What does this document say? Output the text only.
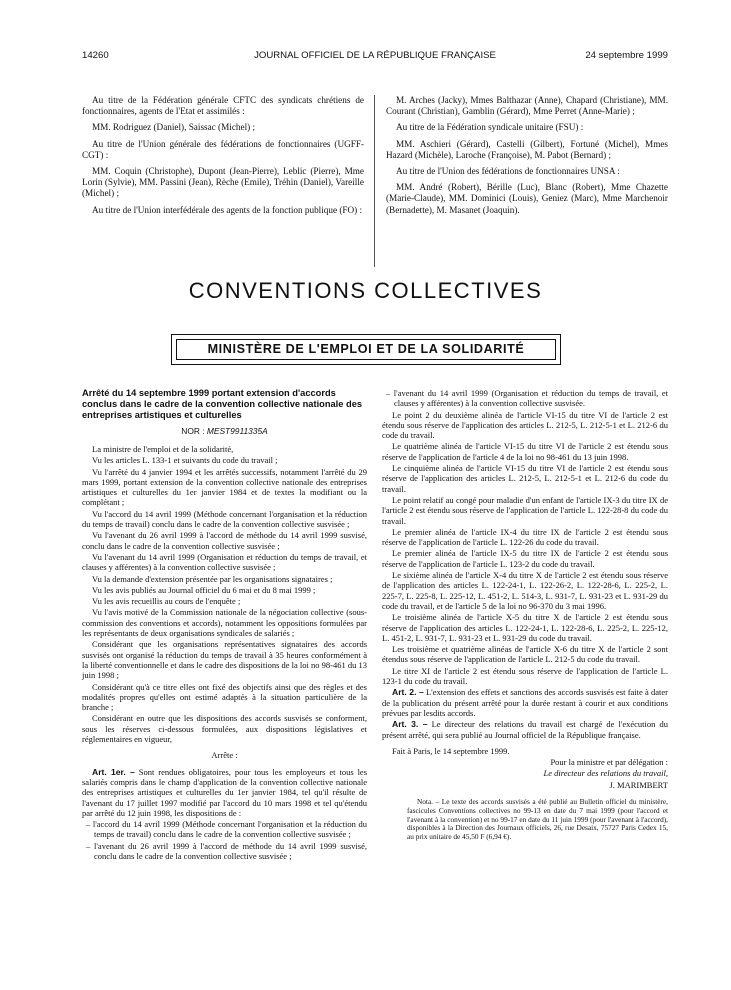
14260	JOURNAL OFFICIEL DE LA RÉPUBLIQUE FRANÇAISE	24 septembre 1999

Au titre de la Fédération générale CFTC des syndicats chrétiens de fonctionnaires, agents de l'Etat et assimilés :

MM. Rodriguez (Daniel), Saissac (Michel) ;

Au titre de l'Union générale des fédérations de fonctionnaires (UGFF-CGT) :

MM. Coquin (Christophe), Dupont (Jean-Pierre), Leblic (Pierre), Mme Lorin (Sylvie), MM. Passini (Jean), Rèche (Emile), Tréhin (Daniel), Vareille (Michel) ;

Au titre de l'Union interfédérale des agents de la fonction publique (FO) :

M. Arches (Jacky), Mmes Balthazar (Anne), Chapard (Christiane), MM. Courant (Christian), Gamblin (Gérard), Mme Perret (Anne-Marie) ;

Au titre de la Fédération syndicale unitaire (FSU) :

MM. Aschieri (Gérard), Castelli (Gilbert), Fortuné (Michel), Mmes Hazard (Michèle), Laroche (Françoise), M. Pabot (Bernard) ;

Au titre de l'Union des fédérations de fonctionnaires UNSA :

MM. André (Robert), Bérille (Luc), Blanc (Robert), Mme Chazette (Marie-Claude), MM. Dominici (Louis), Geniez (Marc), Mme Marchenoir (Bernadette), M. Masanet (Joaquin).

CONVENTIONS COLLECTIVES
MINISTÈRE DE L'EMPLOI ET DE LA SOLIDARITÉ
Arrêté du 14 septembre 1999 portant extension d'accords conclus dans le cadre de la convention collective nationale des entreprises artistiques et culturelles
NOR : MESТ9911335A

La ministre de l'emploi et de la solidarité,

Vu les articles L. 133-1 et suivants du code du travail ;

Vu l'arrêté du 4 janvier 1994 et les arrêtés successifs, notamment l'arrêté du 29 mars 1999, portant extension de la convention collective nationale des entreprises artistiques et culturelles du 1er janvier 1984 et de textes la modifiant ou la complétant ;

Vu l'accord du 14 avril 1999 (Méthode concernant l'organisation et la réduction du temps de travail) conclu dans le cadre de la convention collective susvisée ;

Vu l'avenant du 26 avril 1999 à l'accord de méthode du 14 avril 1999 susvisé, conclu dans le cadre de la convention collective susvisée ;

Vu l'avenant du 14 avril 1999 (Organisation et réduction du temps de travail, et clauses y afférentes) à la convention collective susvisée ;

Vu la demande d'extension présentée par les organisations signataires ;

Vu les avis publiés au Journal officiel du 6 mai et du 8 mai 1999 ;

Vu les avis recueillis au cours de l'enquête ;

Vu l'avis motivé de la Commission nationale de la négociation collective (sous-commission des conventions et accords), notamment les oppositions formulées par les représentants de deux organisations syndicales de salariés ;

Considérant que les organisations représentatives signataires des accords susvisés ont organisé la réduction du temps de travail à 35 heures conformément à la liberté conventionnelle et dans le cadre des dispositions de la loi no 98-461 du 13 juin 1998 ;

Considérant qu'à ce titre elles ont fixé des objectifs ainsi que des règles et des modalités propres qu'elles ont estimé adaptés à la situation particulière de la branche ;

Considérant en outre que les dispositions des accords susvisés se conforment, sous les réserves ci-dessous formulées, aux dispositions législatives et réglementaires en vigueur,

Arrête :

Art. 1er. – Sont rendues obligatoires, pour tous les employeurs et tous les salariés compris dans le champ d'application de la convention collective nationale des entreprises artistiques et culturelles du 1er janvier 1984, tel qu'il résulte de l'avenant du 17 juillet 1997 modifié par l'accord du 10 mars 1998 et tel qu'étendu par arrêté du 12 juin 1998, les dispositions de :

– l'accord du 14 avril 1999 (Méthode concernant l'organisation et la réduction du temps de travail) conclu dans le cadre de la convention collective susvisée ;

– l'avenant du 26 avril 1999 à l'accord de méthode du 14 avril 1999 susvisé, conclu dans le cadre de la convention collective susvisée ;

– l'avenant du 14 avril 1999 (Organisation et réduction du temps de travail, et clauses y afférentes) à la convention collective susvisée.

Le point 2 du deuxième alinéa de l'article VI-15 du titre VI de l'article 2 est étendu sous réserve de l'application des articles L. 212-5, L. 212-5-1 et L. 212-6 du code du travail.

Le quatrième alinéa de l'article VI-15 du titre VI de l'article 2 est étendu sous réserve de l'application de l'article 4 de la loi no 98-461 du 13 juin 1998.

Le cinquième alinéa de l'article VI-15 du titre VI de l'article 2 est étendu sous réserve de l'application des articles L. 212-5, L. 212-5-1 et L. 212-6 du code du travail.

Le point relatif au congé pour maladie d'un enfant de l'article IX-3 du titre IX de l'article 2 est étendu sous réserve de l'application de l'article L. 122-28-8 du code du travail.

Le premier alinéa de l'article IX-4 du titre IX de l'article 2 est étendu sous réserve de l'application de l'article L. 122-26 du code du travail.

Le premier alinéa de l'article IX-5 du titre IX de l'article 2 est étendu sous réserve de l'application de l'article L. 123-2 du code du travail.

Le sixième alinéa de l'article X-4 du titre X de l'article 2 est étendu sous réserve de l'application des articles L. 122-24-1, L. 122-26-2, L. 122-28-6, L. 225-2, L. 225-7, L. 225-8, L. 225-12, L. 451-2, L. 514-3, L. 931-7, L. 931-23 et L. 931-29 du code du travail, et de l'article 5 de la loi no 96-370 du 3 mai 1996.

Le troisième alinéa de l'article X-5 du titre X de l'article 2 est étendu sous réserve de l'application des articles L. 122-24-1, L. 122-28-6, L. 225-2, L. 225-12, L. 451-2, L. 931-7, L. 931-23 et L. 931-29 du code du travail.

Les troisième et quatrième alinéas de l'article X-6 du titre X de l'article 2 sont étendus sous réserve de l'application de l'article L. 212-5 du code du travail.

Le titre XI de l'article 2 est étendu sous réserve de l'application de l'article L. 123-1 du code du travail.

Art. 2. – L'extension des effets et sanctions des accords susvisés est faite à dater de la publication du présent arrêté pour la durée restant à courir et aux conditions prévues par lesdits accords.

Art. 3. – Le directeur des relations du travail est chargé de l'exécution du présent arrêté, qui sera publié au Journal officiel de la République française.

Fait à Paris, le 14 septembre 1999.

Pour la ministre et par délégation :

Le directeur des relations du travail,

J. MARIMBERT

Nota. – Le texte des accords susvisés a été publié au Bulletin officiel du ministère, fascicules Conventions collectives no 99-13 en date du 7 mai 1999 (pour l'accord et l'avenant à la convention) et no 99-17 en date du 11 juin 1999 (pour l'avenant à l'accord), disponibles à la Direction des Journaux officiels, 26, rue Desaix, 75727 Paris Cedex 15, au prix unitaire de 45,50 F (6,94 €).
